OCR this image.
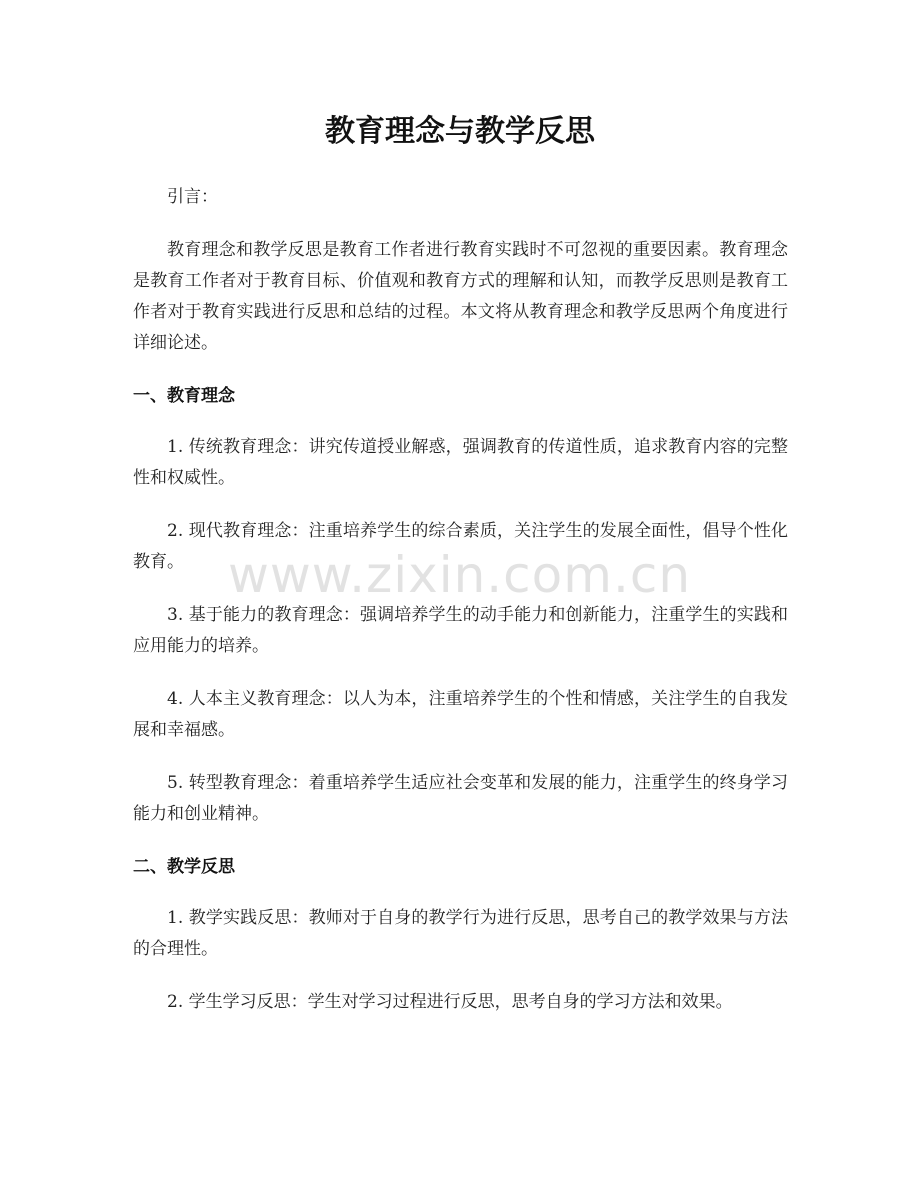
教育理念与教学反思

引言：

教育理念和教学反思是教育工作者进行教育实践时不可忽视的重要因素。教育理念是教育工作者对于教育目标、价值观和教育方式的理解和认知，而教学反思则是教育工作者对于教育实践进行反思和总结的过程。本文将从教育理念和教学反思两个角度进行详细论述。

一、教育理念

1. 传统教育理念：讲究传道授业解惑，强调教育的传道性质，追求教育内容的完整性和权威性。

2. 现代教育理念：注重培养学生的综合素质，关注学生的发展全面性，倡导个性化教育。

3. 基于能力的教育理念：强调培养学生的动手能力和创新能力，注重学生的实践和应用能力的培养。

4. 人本主义教育理念：以人为本，注重培养学生的个性和情感，关注学生的自我发展和幸福感。

5. 转型教育理念：着重培养学生适应社会变革和发展的能力，注重学生的终身学习能力和创业精神。

二、教学反思

1. 教学实践反思：教师对于自身的教学行为进行反思，思考自己的教学效果与方法的合理性。

2. 学生学习反思：学生对学习过程进行反思，思考自身的学习方法和效果。

www.zixin.com.cn
